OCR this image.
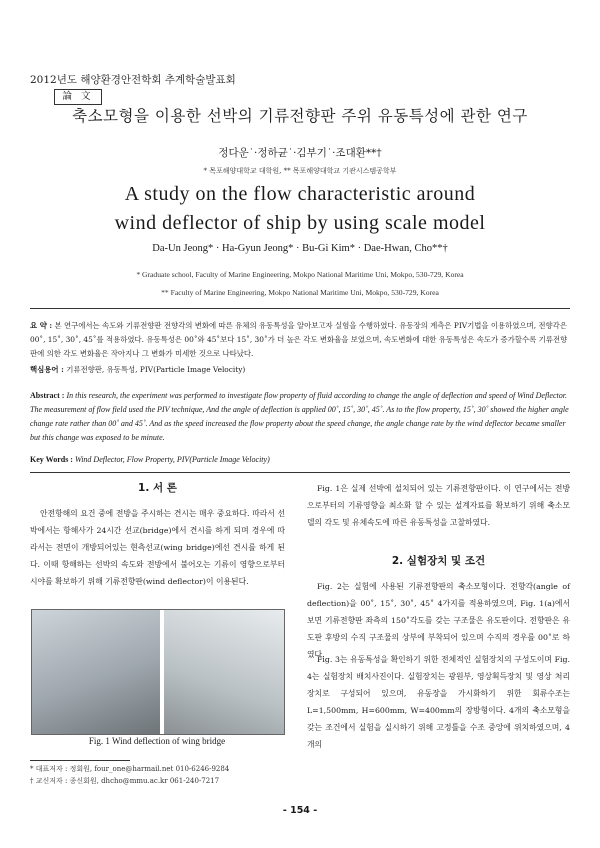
2012년도 해양환경안전학회 추계학술발표회
論 文
축소모형을 이용한 선박의 기류전향판 주위 유동특성에 관한 연구
정다운˙·정하균˙·김부기˙·조대환**†
* 목포해양대학교 대학원, ** 목포해양대학교 기관시스템공학부
A study on the flow characteristic around
wind deflector of ship by using scale model
Da-Un Jeong* · Ha-Gyun Jeong* · Bu-Gi Kim* · Dae-Hwan, Cho**†
* Graduate school, Faculty of Marine Engineering, Mokpo National Maritime Uni, Mokpo, 530-729, Korea
** Faculty of Marine Engineering, Mokpo National Maritime Uni, Mokpo, 530-729, Korea
요 약 : 본 연구에서는 속도와 기류전향판 전향각의 변화에 따른 유체의 유동특성을 알아보고자 실험을 수행하였다. 유동장의 계측은 PIV기법을 이용하였으며, 전향각은 00˚, 15˚, 30˚, 45˚를 적용하였다. 유동특성은 00˚와 45˚보다 15˚, 30˚가 더 높은 각도 변화율을 보였으며, 속도변화에 대한 유동특성은 속도가 증가할수록 기류전향판에 의한 각도 변화율은 작아지나 그 변화가 미세한 것으로 나타났다.
핵심용어 : 기류전향판, 유동특성, PIV(Particle Image Velocity)
Abstract : In this research, the experiment was performed to investigate flow property of fluid according to change the angle of deflection and speed of Wind Deflector. The measurement of flow field used the PIV technique, And the angle of deflection is applied 00˚, 15˚, 30˚, 45˚. As to the flow property, 15˚, 30˚ showed the higher angle change rate rather than 00˚ and 45˚. And as the speed increased the flow property about the speed change, the angle change rate by the wind deflector became smaller but this change was exposed to be minute.
Key Words : Wind Deflector, Flow Property, PIV(Particle Image Velocity)
1. 서 론
안전항해의 요건 중에 전방을 주시하는 견시는 매우 중요하다. 따라서 선박에서는 항해사가 24시간 선교(bridge)에서 견시를 하게 되며 경우에 따라서는 전면이 개방되어있는 현측선교(wing bridge)에선 견시를 하게 된다. 이때 항해하는 선박의 속도와 전방에서 불어오는 기류이 영향으로부터 시야를 확보하기 위해 기류전향판(wind deflector)이 이용된다.
Fig. 1 Wind deflection of wing bridge
* 대표저자 : 정회원, four_one@harmail.net 010-6246-9284
† 교신저자 : 종신회원, dhcho@mmu.ac.kr 061-240-7217
Fig. 1은 실제 선박에 설치되어 있는 기류전향판이다. 이 연구에서는 전방으로부터의 기류영향을 최소화 할 수 있는 설계자료를 확보하기 위해 축소모델의 각도 및 유체속도에 따른 유동특성을 고찰하였다.
2. 실험장치 및 조건
Fig. 2는 실험에 사용된 기류전향판의 축소모형이다. 전향각(angle of deflection)을 00˚, 15˚, 30˚, 45˚ 4가지를 적용하였으며, Fig. 1(a)에서 보면 기류전향판 좌측의 150˚각도를 갖는 구조물은 유도판이다. 전향판은 유도판 후방의 수직 구조물의 상부에 부착되어 있으며 수직의 경우를 00˚로 하였다.
Fig. 3는 유동특성을 확인하기 위한 전체적인 실험장치의 구성도이며 Fig. 4는 실험장치 배치사진이다. 실험장치는 광원부, 영상획득장치 및 영상 처리장치로 구성되어 있으며, 유동장을 가시화하기 위한 회류수조는 L=1,500mm, H=600mm, W=400mm의 장방형이다. 4개의 축소모형을 갖는 조건에서 실험을 실시하기 위해 고정틀을 수조 중앙에 위치하였으며, 4개의
- 154 -
